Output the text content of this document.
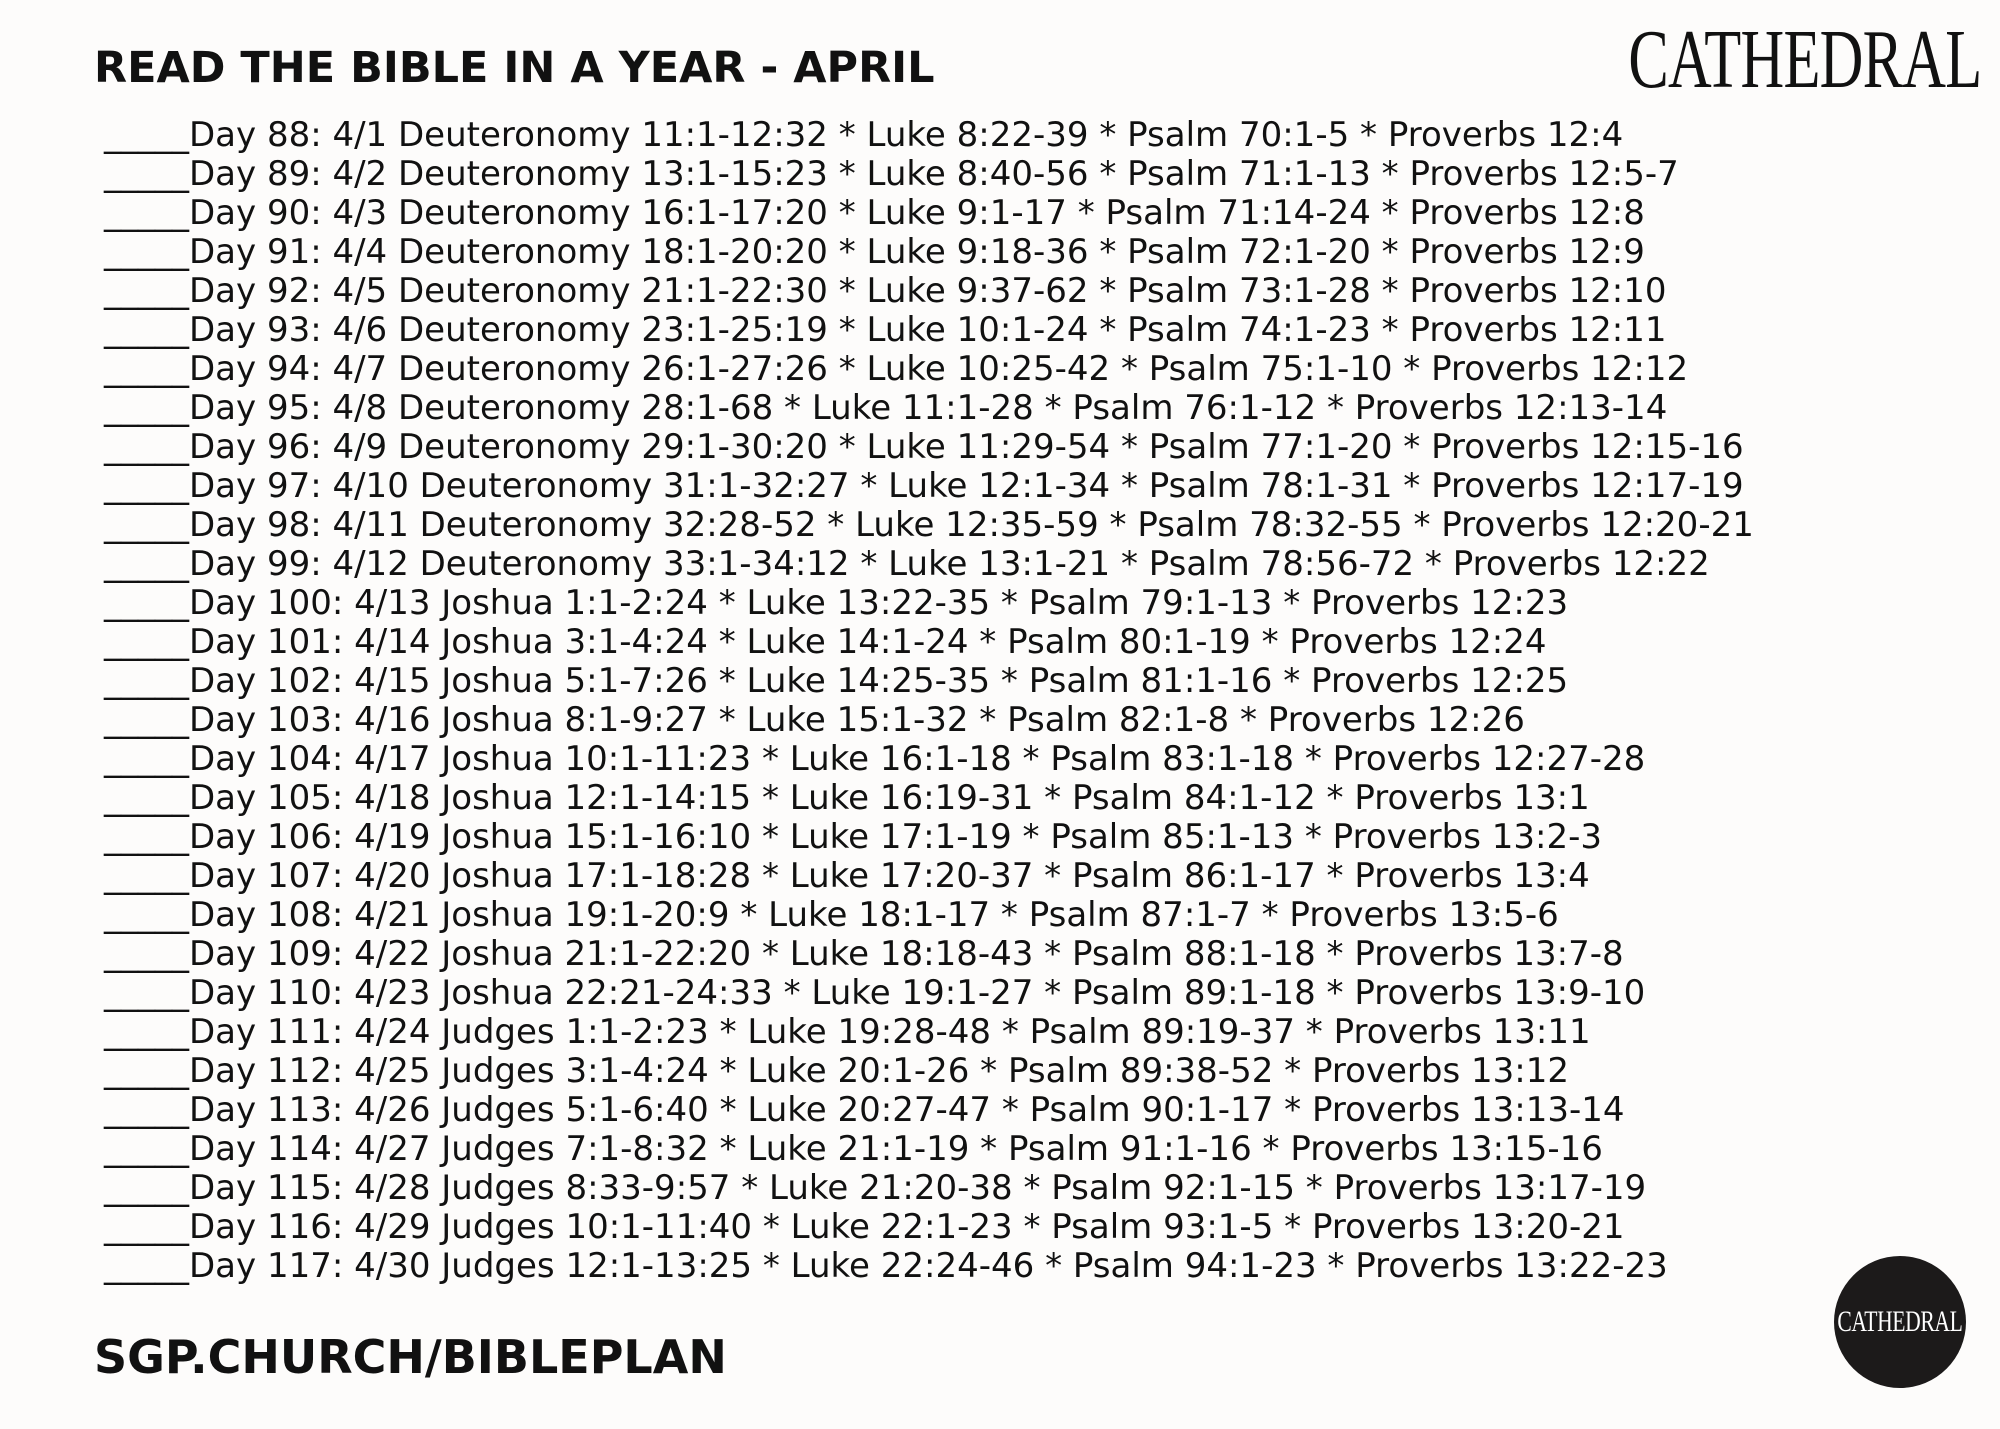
READ THE BIBLE IN A YEAR - APRIL	CATHEDRAL
_____Day 88: 4/1 Deuteronomy 11:1-12:32 * Luke 8:22-39 * Psalm 70:1-5 * Proverbs 12:4
_____Day 89: 4/2 Deuteronomy 13:1-15:23 * Luke 8:40-56 * Psalm 71:1-13 * Proverbs 12:5-7
_____Day 90: 4/3 Deuteronomy 16:1-17:20 * Luke 9:1-17 * Psalm 71:14-24 * Proverbs 12:8
_____Day 91: 4/4 Deuteronomy 18:1-20:20 * Luke 9:18-36 * Psalm 72:1-20 * Proverbs 12:9
_____Day 92: 4/5 Deuteronomy 21:1-22:30 * Luke 9:37-62 * Psalm 73:1-28 * Proverbs 12:10
_____Day 93: 4/6 Deuteronomy 23:1-25:19 * Luke 10:1-24 * Psalm 74:1-23 * Proverbs 12:11
_____Day 94: 4/7 Deuteronomy 26:1-27:26 * Luke 10:25-42 * Psalm 75:1-10 * Proverbs 12:12
_____Day 95: 4/8 Deuteronomy 28:1-68 * Luke 11:1-28 * Psalm 76:1-12 * Proverbs 12:13-14
_____Day 96: 4/9 Deuteronomy 29:1-30:20 * Luke 11:29-54 * Psalm 77:1-20 * Proverbs 12:15-16
_____Day 97: 4/10 Deuteronomy 31:1-32:27 * Luke 12:1-34 * Psalm 78:1-31 * Proverbs 12:17-19
_____Day 98: 4/11 Deuteronomy 32:28-52 * Luke 12:35-59 * Psalm 78:32-55 * Proverbs 12:20-21
_____Day 99: 4/12 Deuteronomy 33:1-34:12 * Luke 13:1-21 * Psalm 78:56-72 * Proverbs 12:22
_____Day 100: 4/13 Joshua 1:1-2:24 * Luke 13:22-35 * Psalm 79:1-13 * Proverbs 12:23
_____Day 101: 4/14 Joshua 3:1-4:24 * Luke 14:1-24 * Psalm 80:1-19 * Proverbs 12:24
_____Day 102: 4/15 Joshua 5:1-7:26 * Luke 14:25-35 * Psalm 81:1-16 * Proverbs 12:25
_____Day 103: 4/16 Joshua 8:1-9:27 * Luke 15:1-32 * Psalm 82:1-8 * Proverbs 12:26
_____Day 104: 4/17 Joshua 10:1-11:23 * Luke 16:1-18 * Psalm 83:1-18 * Proverbs 12:27-28
_____Day 105: 4/18 Joshua 12:1-14:15 * Luke 16:19-31 * Psalm 84:1-12 * Proverbs 13:1
_____Day 106: 4/19 Joshua 15:1-16:10 * Luke 17:1-19 * Psalm 85:1-13 * Proverbs 13:2-3
_____Day 107: 4/20 Joshua 17:1-18:28 * Luke 17:20-37 * Psalm 86:1-17 * Proverbs 13:4
_____Day 108: 4/21 Joshua 19:1-20:9 * Luke 18:1-17 * Psalm 87:1-7 * Proverbs 13:5-6
_____Day 109: 4/22 Joshua 21:1-22:20 * Luke 18:18-43 * Psalm 88:1-18 * Proverbs 13:7-8
_____Day 110: 4/23 Joshua 22:21-24:33 * Luke 19:1-27 * Psalm 89:1-18 * Proverbs 13:9-10
_____Day 111: 4/24 Judges 1:1-2:23 * Luke 19:28-48 * Psalm 89:19-37 * Proverbs 13:11
_____Day 112: 4/25 Judges 3:1-4:24 * Luke 20:1-26 * Psalm 89:38-52 * Proverbs 13:12
_____Day 113: 4/26 Judges 5:1-6:40 * Luke 20:27-47 * Psalm 90:1-17 * Proverbs 13:13-14
_____Day 114: 4/27 Judges 7:1-8:32 * Luke 21:1-19 * Psalm 91:1-16 * Proverbs 13:15-16
_____Day 115: 4/28 Judges 8:33-9:57 * Luke 21:20-38 * Psalm 92:1-15 * Proverbs 13:17-19
_____Day 116: 4/29 Judges 10:1-11:40 * Luke 22:1-23 * Psalm 93:1-5 * Proverbs 13:20-21
_____Day 117: 4/30 Judges 12:1-13:25 * Luke 22:24-46 * Psalm 94:1-23 * Proverbs 13:22-23
SGP.CHURCH/BIBLEPLAN
CATHEDRAL
